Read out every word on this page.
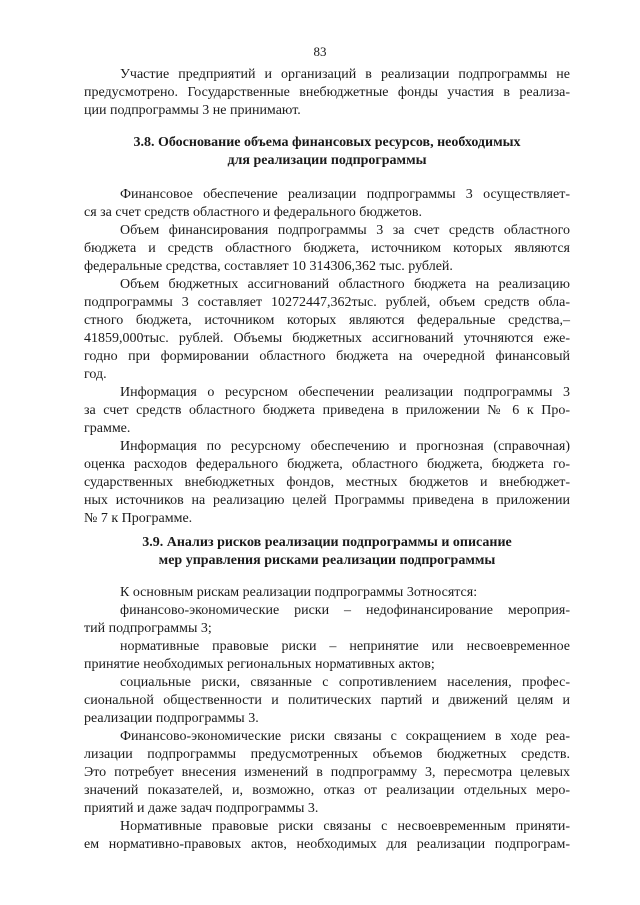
83
Участие предприятий и организаций в реализации подпрограммы не
предусмотрено. Государственные внебюджетные фонды участия в реализа-
ции подпрограммы 3 не принимают.
3.8. Обоснование объема финансовых ресурсов, необходимых
для реализации подпрограммы
Финансовое обеспечение реализации подпрограммы 3 осуществляет-
ся за счет средств областного и федерального бюджетов.
Объем финансирования подпрограммы 3 за счет средств областного
бюджета и средств областного бюджета, источником которых являются
федеральные средства, составляет 10 314306,362 тыс. рублей.
Объем бюджетных ассигнований областного бюджета на реализацию
подпрограммы 3 составляет 10272447,362тыс. рублей, объем средств обла-
стного бюджета, источником которых являются федеральные средства,–
41859,000тыс. рублей. Объемы бюджетных ассигнований уточняются еже-
годно при формировании областного бюджета на очередной финансовый
год.
Информация о ресурсном обеспечении реализации подпрограммы 3
за счет средств областного бюджета приведена в приложении № 6 к Про-
грамме.
Информация по ресурсному обеспечению и прогнозная (справочная)
оценка расходов федерального бюджета, областного бюджета, бюджета го-
сударственных внебюджетных фондов, местных бюджетов и внебюджет-
ных источников на реализацию целей Программы приведена в приложении
№ 7 к Программе.
3.9. Анализ рисков реализации подпрограммы и описание
мер управления рисками реализации подпрограммы
К основным рискам реализации подпрограммы 3относятся:
финансово-экономические риски – недофинансирование мероприя-
тий подпрограммы 3;
нормативные правовые риски – непринятие или несвоевременное
принятие необходимых региональных нормативных актов;
социальные риски, связанные с сопротивлением населения, профес-
сиональной общественности и политических партий и движений целям и
реализации подпрограммы 3.
Финансово-экономические риски связаны с сокращением в ходе реа-
лизации подпрограммы предусмотренных объемов бюджетных средств.
Это потребует внесения изменений в подпрограмму 3, пересмотра целевых
значений показателей, и, возможно, отказ от реализации отдельных меро-
приятий и даже задач подпрограммы 3.
Нормативные правовые риски связаны с несвоевременным приняти-
ем нормативно-правовых актов, необходимых для реализации подпрограм-
